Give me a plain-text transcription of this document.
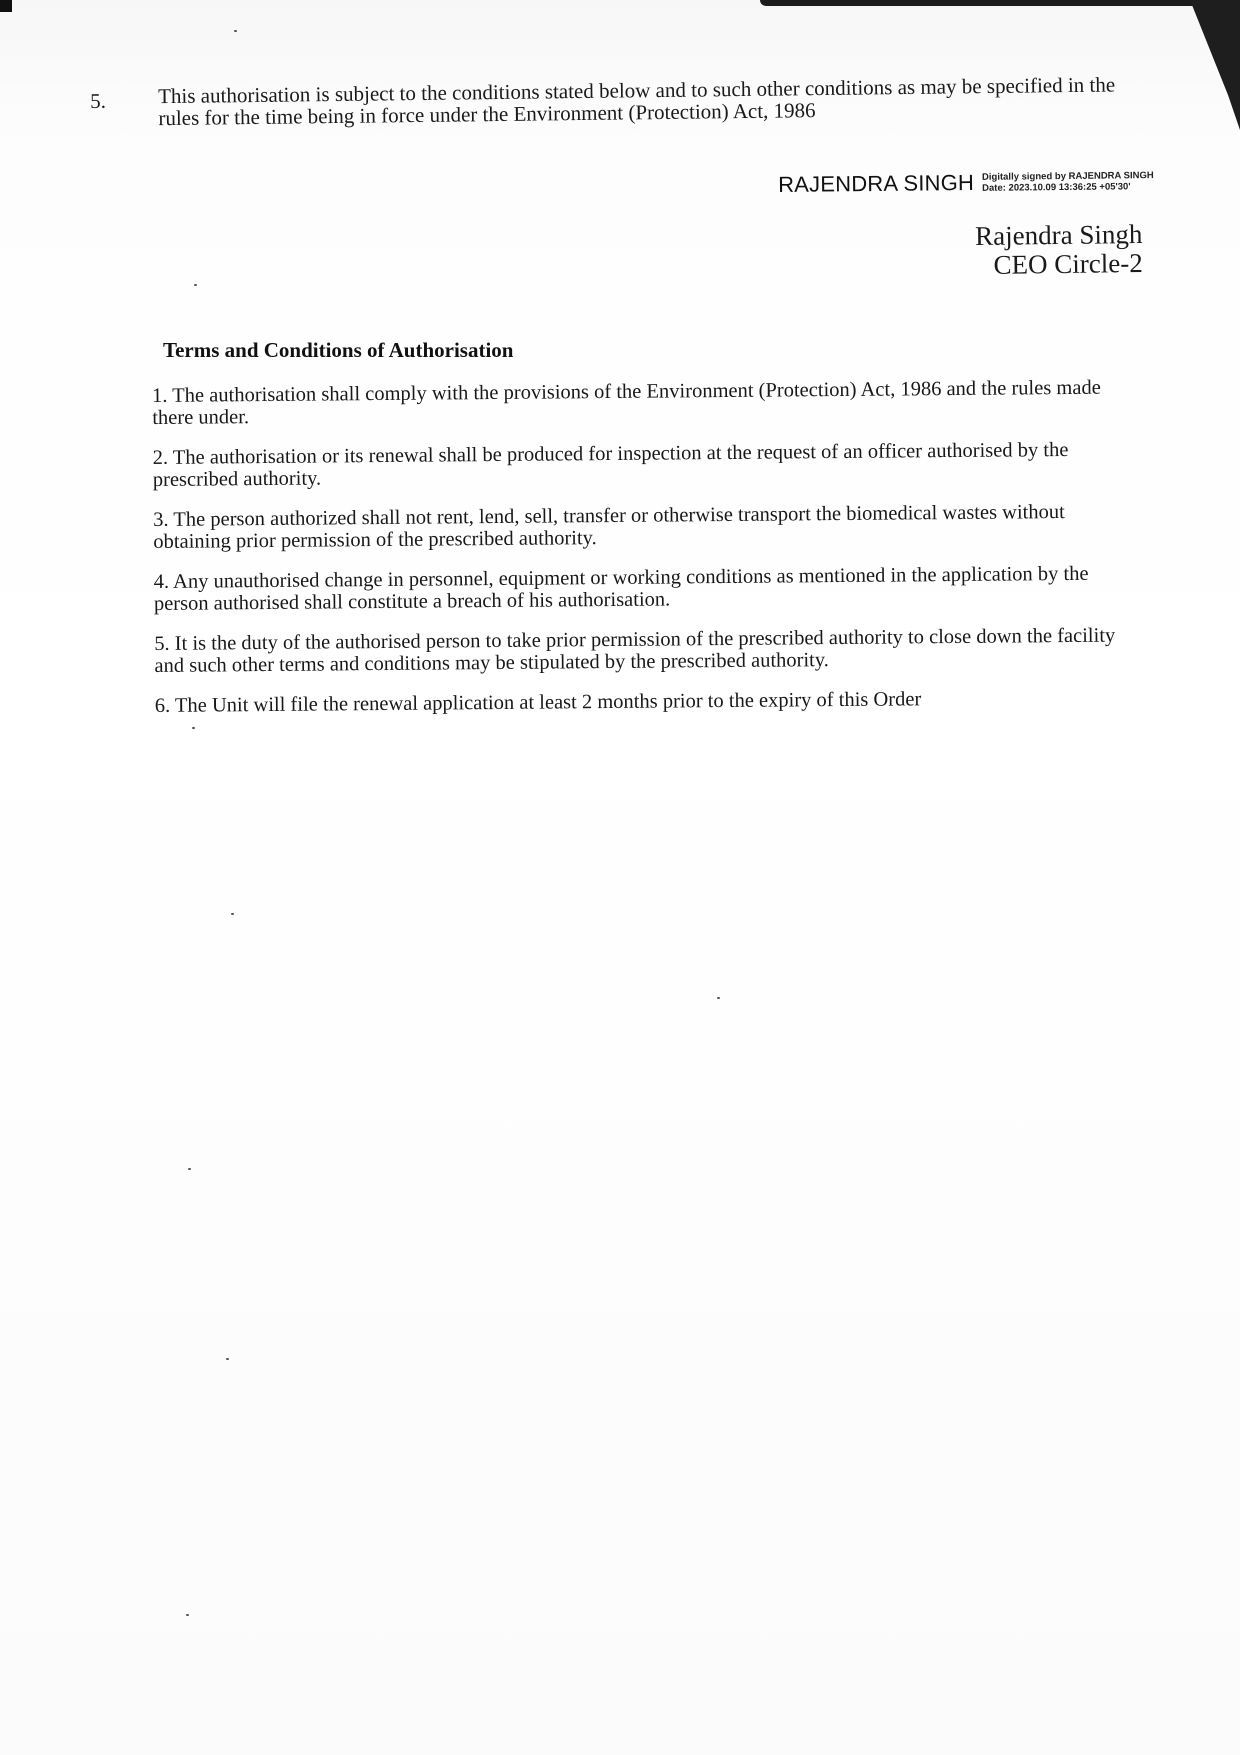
5. This authorisation is subject to the conditions stated below and to such other conditions as may be specified in the rules for the time being in force under the Environment (Protection) Act, 1986
RAJENDRA SINGH Digitally signed by RAJENDRA SINGH
Date: 2023.10.09 13:36:25 +05'30'
Rajendra Singh
CEO Circle-2
Terms and Conditions of Authorisation
1. The authorisation shall comply with the provisions of the Environment (Protection) Act, 1986 and the rules made there under.
2. The authorisation or its renewal shall be produced for inspection at the request of an officer authorised by the prescribed authority.
3. The person authorized shall not rent, lend, sell, transfer or otherwise transport the biomedical wastes without obtaining prior permission of the prescribed authority.
4. Any unauthorised change in personnel, equipment or working conditions as mentioned in the application by the person authorised shall constitute a breach of his authorisation.
5. It is the duty of the authorised person to take prior permission of the prescribed authority to close down the facility and such other terms and conditions may be stipulated by the prescribed authority.
6. The Unit will file the renewal application at least 2 months prior to the expiry of this Order
